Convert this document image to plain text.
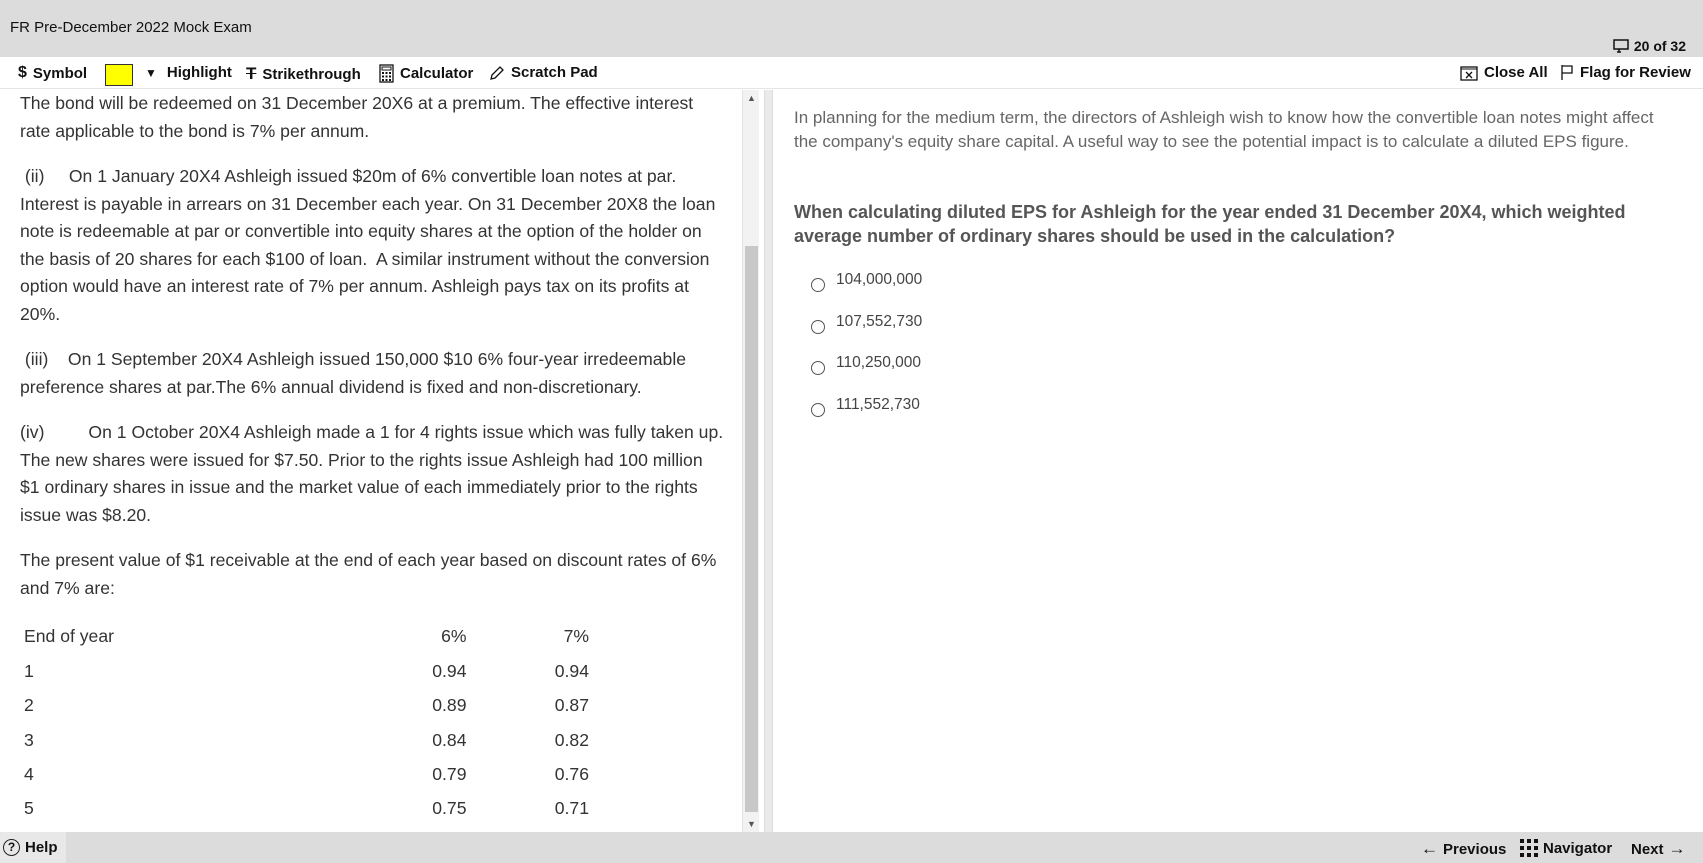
FR Pre-December 2022 Mock Exam
20 of 32
$ Symbol	▼ Highlight T Strikethrough	Calculator	Scratch Pad	Close All Flag for Review

The bond will be redeemed on 31 December 20X6 at a premium. The effective interest rate applicable to the bond is 7% per annum.

(ii)     On 1 January 20X4 Ashleigh issued $20m of 6% convertible loan notes at par. Interest is payable in arrears on 31 December each year. On 31 December 20X8 the loan note is redeemable at par or convertible into equity shares at the option of the holder on the basis of 20 shares for each $100 of loan.  A similar instrument without the conversion option would have an interest rate of 7% per annum. Ashleigh pays tax on its profits at 20%.

(iii)    On 1 September 20X4 Ashleigh issued 150,000 $10 6% four-year irredeemable preference shares at par.The 6% annual dividend is fixed and non-discretionary.

(iv)         On 1 October 20X4 Ashleigh made a 1 for 4 rights issue which was fully taken up. The new shares were issued for $7.50. Prior to the rights issue Ashleigh had 100 million $1 ordinary shares in issue and the market value of each immediately prior to the rights issue was $8.20.

The present value of $1 receivable at the end of each year based on discount rates of 6% and 7% are:

End of year	6%	7%
1	0.94	0.94
2	0.89	0.87
3	0.84	0.82
4	0.79	0.76
5	0.75	0.71
▲
▼
In planning for the medium term, the directors of Ashleigh wish to know how the convertible loan notes might affect the company's equity share capital. A useful way to see the potential impact is to calculate a diluted EPS figure.
When calculating diluted EPS for Ashleigh for the year ended 31 December 20X4, which weighted average number of ordinary shares should be used in the calculation?
104,000,000
107,552,730
110,250,000
111,552,730
? Help	← Previous Navigator Next →
